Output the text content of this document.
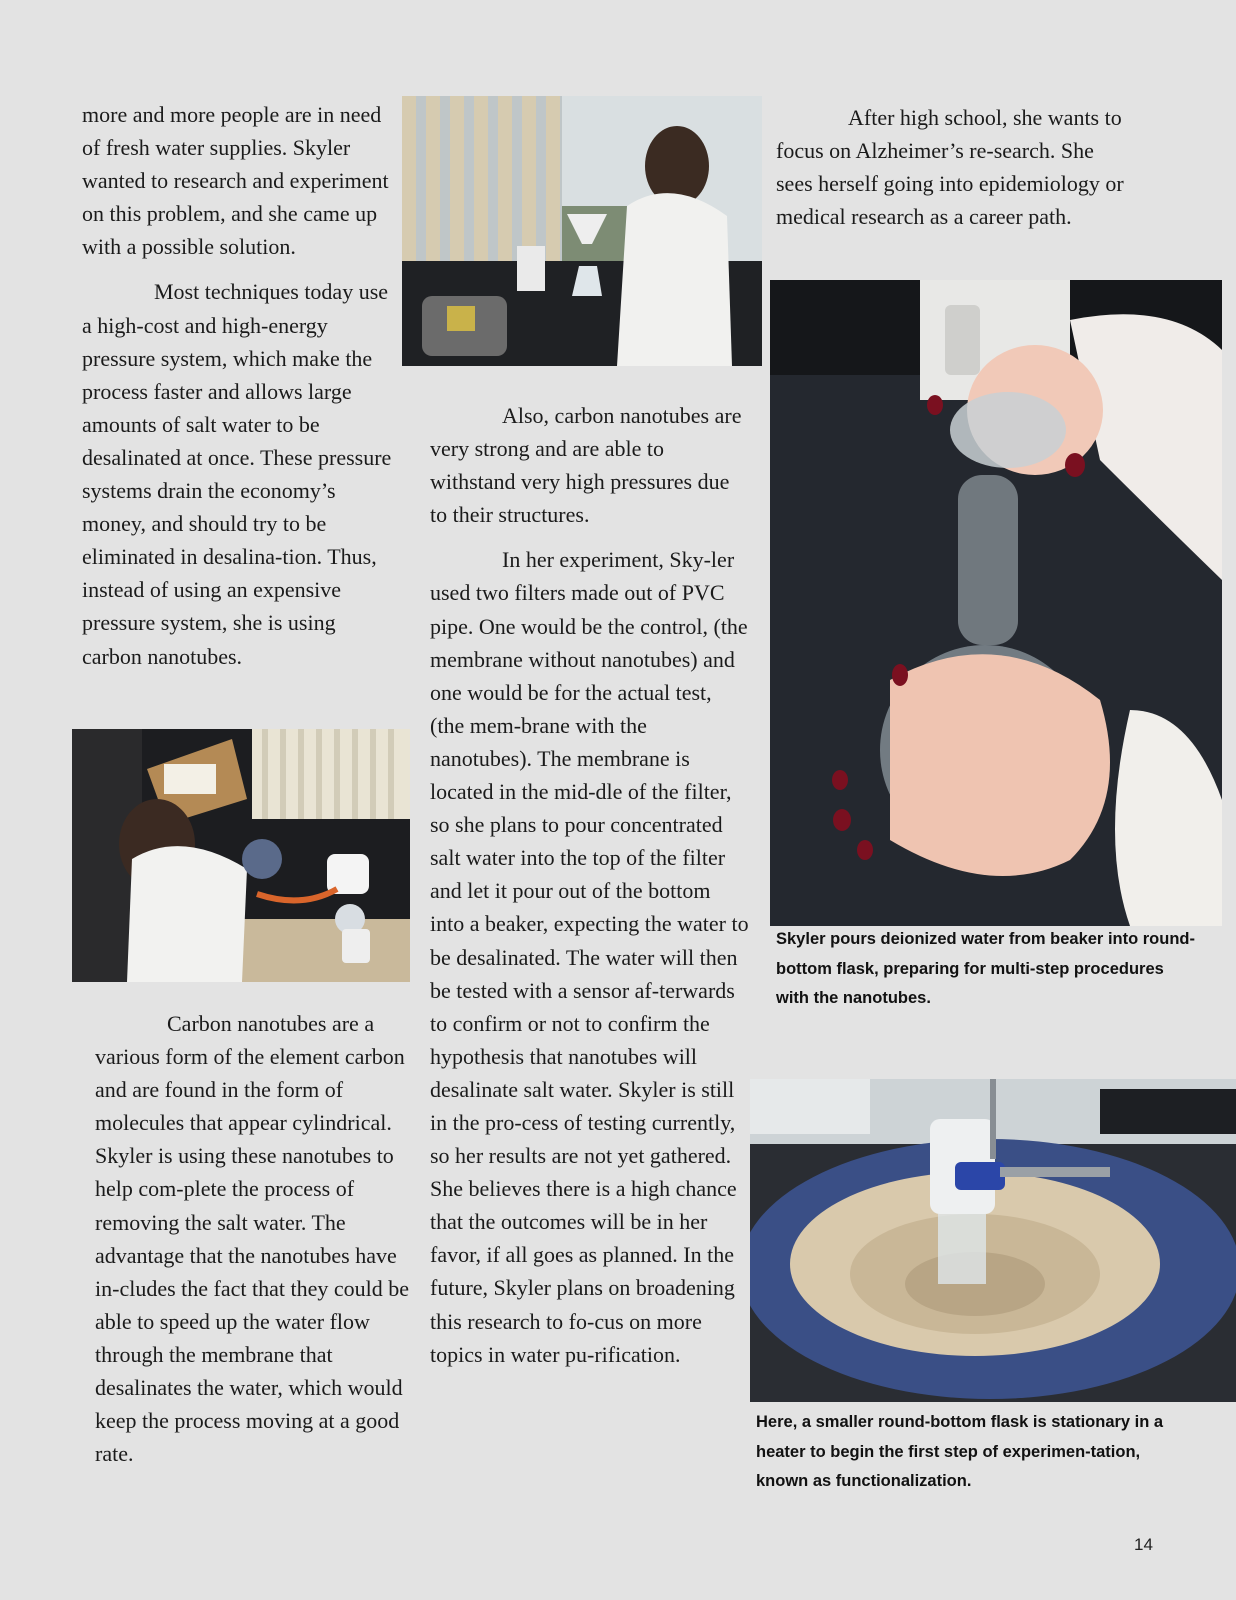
more and more people are in need of fresh water supplies. Skyler wanted to research and experiment on this problem, and she came up with a possible solution.

Most techniques today use a high-cost and high-energy pressure system, which make the process faster and allows large amounts of salt water to be desalinated at once. These pressure systems drain the economy’s money, and should try to be eliminated in desalina-tion. Thus, instead of using an expensive pressure system, she is using carbon nanotubes.

Carbon nanotubes are a various form of the element carbon and are found in the form of molecules that appear cylindrical. Skyler is using these nanotubes to help com-plete the process of removing the salt water. The advantage that the nanotubes have in-cludes the fact that they could be able to speed up the water flow through the membrane that desalinates the water, which would keep the process moving at a good rate.

Also, carbon nanotubes are very strong and are able to withstand very high pressures due to their structures.

In her experiment, Sky-ler used two filters made out of PVC pipe. One would be the control, (the membrane without nanotubes) and one would be for the actual test, (the mem-brane with the nanotubes). The membrane is located in the mid-dle of the filter, so she plans to pour concentrated salt water into the top of the filter and let it pour out of the bottom into a beaker, expecting the water to be desalinated. The water will then be tested with a sensor af-terwards to confirm or not to confirm the hypothesis that nanotubes will desalinate salt water. Skyler is still in the pro-cess of testing currently, so her results are not yet gathered. She believes there is a high chance that the outcomes will be in her favor, if all goes as planned. In the future, Skyler plans on broadening this research to fo-cus on more topics in water pu-rification.

After high school, she wants to focus on Alzheimer’s re-search. She sees herself going into epidemiology or medical research as a career path.

Skyler pours deionized water from beaker into round-bottom flask, preparing for multi-step procedures with the nanotubes.
Here, a smaller round-bottom flask is stationary in a heater to begin the first step of experimen-tation, known as functionalization.
14
